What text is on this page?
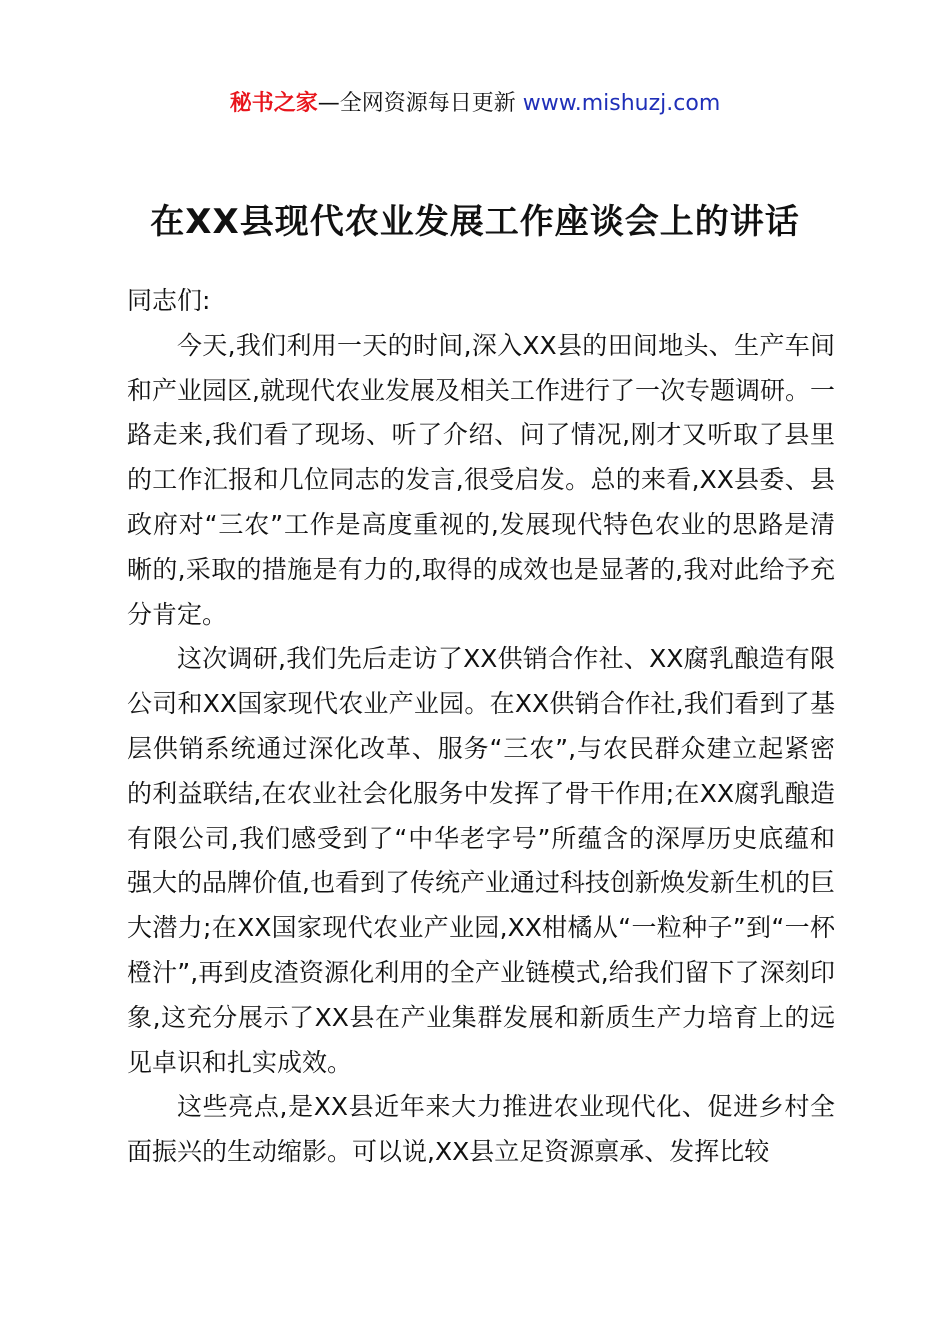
秘书之家—全网资源每日更新 www.mishuzj.com
在XX县现代农业发展工作座谈会上的讲话

同志们:

今天,我们利用一天的时间,深入XX县的田间地头、生产车间和产业园区,就现代农业发展及相关工作进行了一次专题调研。一路走来,我们看了现场、听了介绍、问了情况,刚才又听取了县里的工作汇报和几位同志的发言,很受启发。总的来看,XX县委、县政府对“三农”工作是高度重视的,发展现代特色农业的思路是清晰的,采取的措施是有力的,取得的成效也是显著的,我对此给予充分肯定。

这次调研,我们先后走访了XX供销合作社、XX腐乳酿造有限公司和XX国家现代农业产业园。在XX供销合作社,我们看到了基层供销系统通过深化改革、服务“三农”,与农民群众建立起紧密的利益联结,在农业社会化服务中发挥了骨干作用;在XX腐乳酿造有限公司,我们感受到了“中华老字号”所蕴含的深厚历史底蕴和强大的品牌价值,也看到了传统产业通过科技创新焕发新生机的巨大潜力;在XX国家现代农业产业园,XX柑橘从“一粒种子”到“一杯橙汁”,再到皮渣资源化利用的全产业链模式,给我们留下了深刻印象,这充分展示了XX县在产业集群发展和新质生产力培育上的远见卓识和扎实成效。

这些亮点,是XX县近年来大力推进农业现代化、促进乡村全面振兴的生动缩影。可以说,XX县立足资源禀承、发挥比较
